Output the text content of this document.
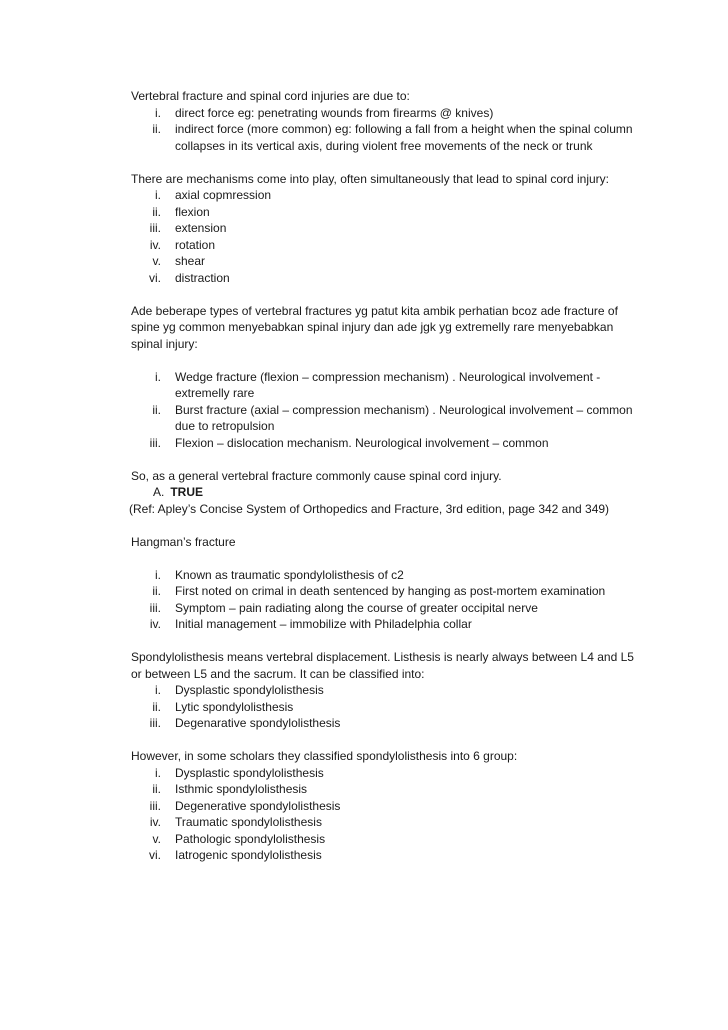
Vertebral fracture and spinal cord injuries are due to:

i. direct force eg: penetrating wounds from firearms @ knives)
ii. indirect force (more common) eg: following a fall from a height when the spinal column collapses in its vertical axis, during violent free movements of the neck or trunk

There are mechanisms come into play, often simultaneously that lead to spinal cord injury:

i. axial copmression
ii. flexion
iii. extension
iv. rotation
v. shear
vi. distraction

Ade beberape types of vertebral fractures yg patut kita ambik perhatian bcoz ade fracture of spine yg common menyebabkan spinal injury dan ade jgk yg extremelly rare menyebabkan spinal injury:

i. Wedge fracture (flexion – compression mechanism) . Neurological involvement - extremelly rare
ii. Burst fracture (axial – compression mechanism) . Neurological involvement – common due to retropulsion
iii. Flexion – dislocation mechanism. Neurological involvement – common

So, as a general vertebral fracture commonly cause spinal cord injury.

A. TRUE

(Ref: Apley’s Concise System of Orthopedics and Fracture, 3rd edition, page 342 and 349)

Hangman’s fracture

i. Known as traumatic spondylolisthesis of c2
ii. First noted on crimal in death sentenced by hanging as post-mortem examination
iii. Symptom – pain radiating along the course of greater occipital nerve
iv. Initial management – immobilize with Philadelphia collar

Spondylolisthesis means vertebral displacement. Listhesis is nearly always between L4 and L5 or between L5 and the sacrum. It can be classified into:

i. Dysplastic spondylolisthesis
ii. Lytic spondylolisthesis
iii. Degenarative spondylolisthesis

However, in some scholars they classified spondylolisthesis into 6 group:

i. Dysplastic spondylolisthesis
ii. Isthmic spondylolisthesis
iii. Degenerative spondylolisthesis
iv. Traumatic spondylolisthesis
v. Pathologic spondylolisthesis
vi. Iatrogenic spondylolisthesis
